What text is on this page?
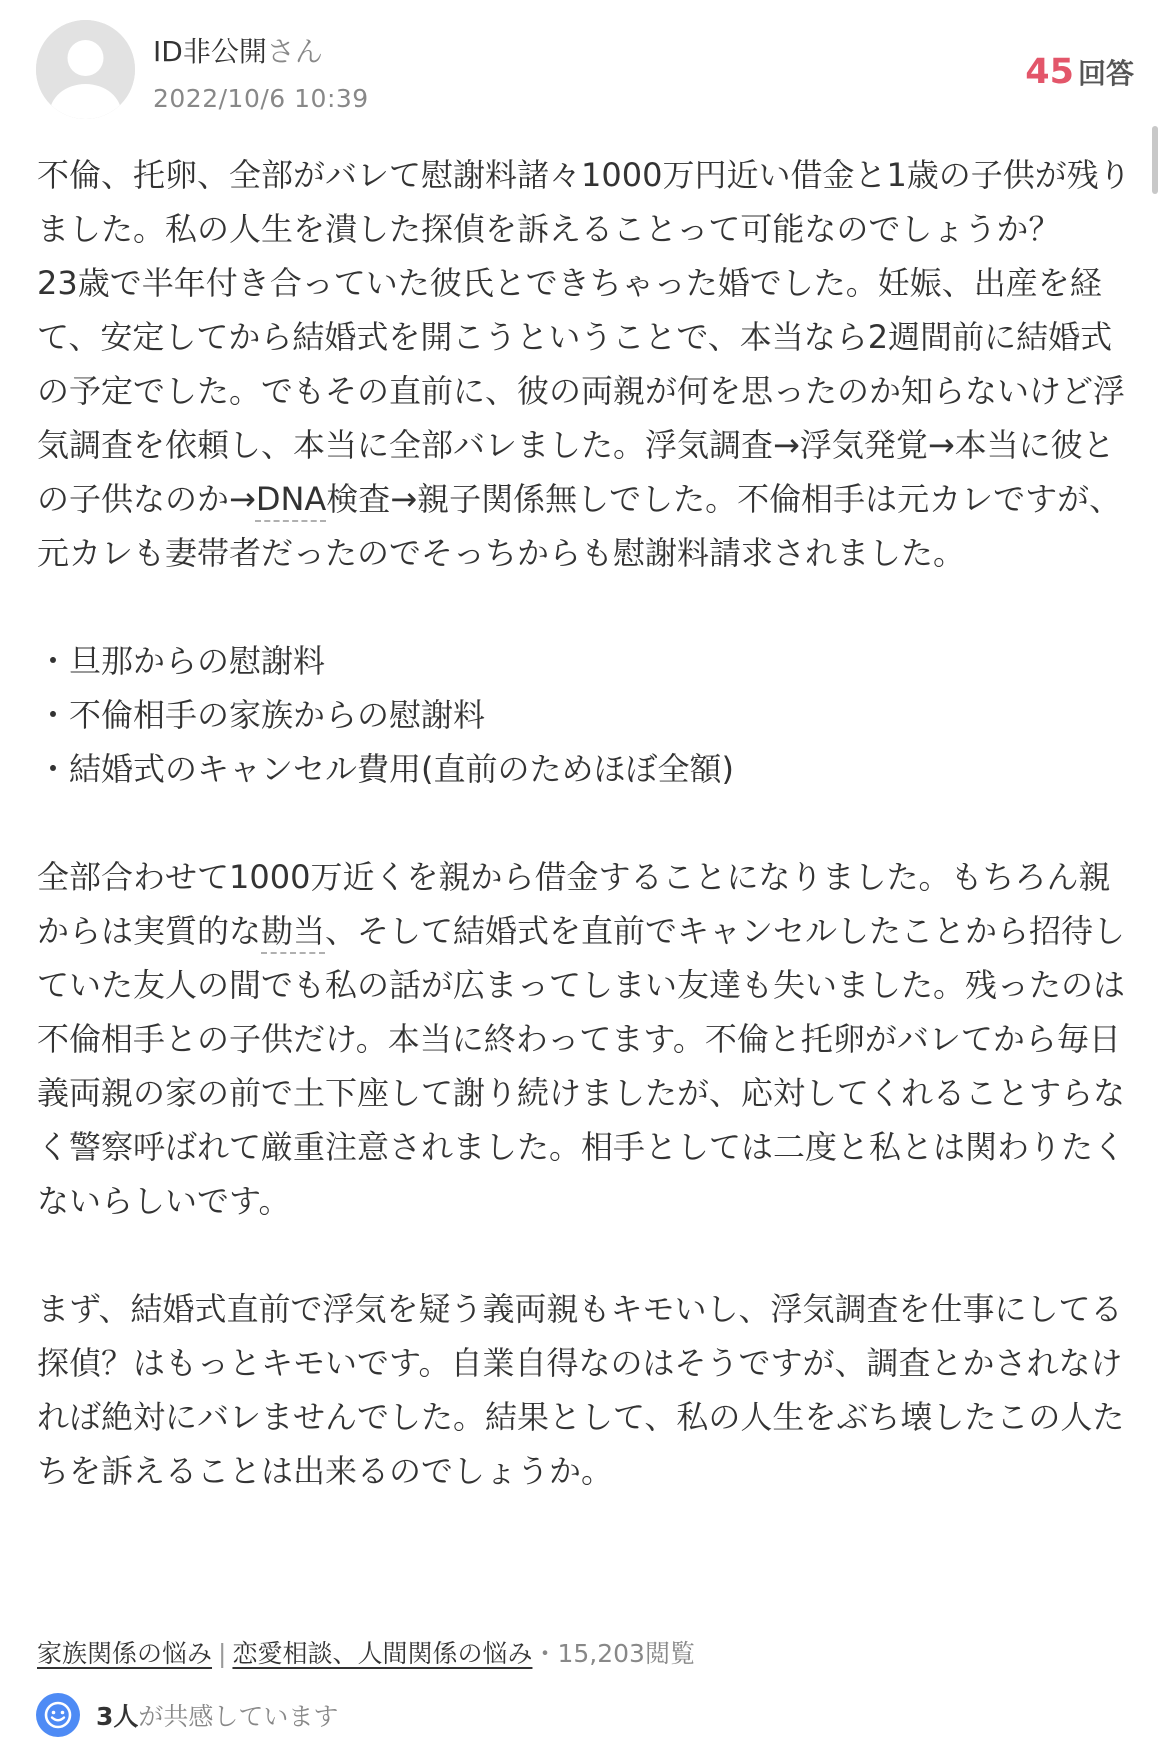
ID非公開さん
2022/10/6 10:39
45 回答

不倫、托卵、全部がバレて慰謝料諸々1000万円近い借金と1歳の子供が残りました。私の人生を潰した探偵を訴えることって可能なのでしょうか？

23歳で半年付き合っていた彼氏とできちゃった婚でした。妊娠、出産を経て、安定してから結婚式を開こうということで、本当なら2週間前に結婚式の予定でした。でもその直前に、彼の両親が何を思ったのか知らないけど浮気調査を依頼し、本当に全部バレました。浮気調査→浮気発覚→本当に彼との子供なのか→DNA検査→親子関係無しでした。不倫相手は元カレですが、元カレも妻帯者だったのでそっちからも慰謝料請求されました。

・旦那からの慰謝料

・不倫相手の家族からの慰謝料

・結婚式のキャンセル費用(直前のためほぼ全額)

全部合わせて1000万近くを親から借金することになりました。もちろん親からは実質的な勘当、そして結婚式を直前でキャンセルしたことから招待していた友人の間でも私の話が広まってしまい友達も失いました。残ったのは不倫相手との子供だけ。本当に終わってます。不倫と托卵がバレてから毎日義両親の家の前で土下座して謝り続けましたが、応対してくれることすらなく警察呼ばれて厳重注意されました。相手としては二度と私とは関わりたくないらしいです。

まず、結婚式直前で浮気を疑う義両親もキモいし、浮気調査を仕事にしてる探偵？はもっとキモいです。自業自得なのはそうですが、調査とかされなければ絶対にバレませんでした。結果として、私の人生をぶち壊したこの人たちを訴えることは出来るのでしょうか。

家族関係の悩み | 恋愛相談、人間関係の悩み・15,203閲覧
3人が共感しています
